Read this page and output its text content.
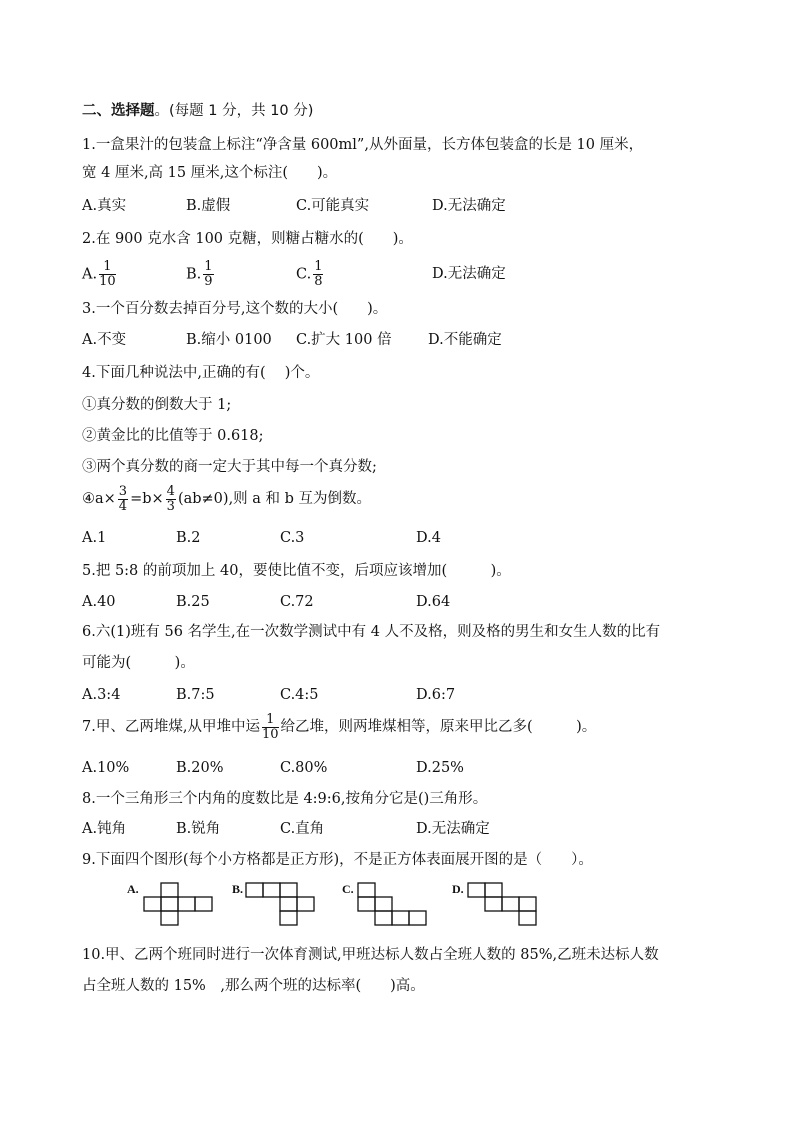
二、选择题。(每题 1 分，共 10 分)
1.一盒果汁的包装盒上标注“净含量 600ml”,从外面量，长方体包装盒的长是 10 厘米，
宽 4 厘米,高 15 厘米,这个标注(　　)。
A.真实	B.虚假	C.可能真实	D.无法确定
2.在 900 克水含 100 克糖，则糖占糖水的(　　)。
A. $\frac{1}{10}$	B. $\frac{1}{9}$	C. $\frac{1}{8}$	D.无法确定
3.一个百分数去掉百分号,这个数的大小(　　)。
A.不变	B.缩小 0100 C.扩大 100 倍	D.不能确定
4.下面几种说法中,正确的有(　 )个。
①真分数的倒数大于 1;
②黄金比的比值等于 0.618;
③两个真分数的商一定大于其中每一个真分数;
④a× $\frac{3}{4} =b\times \frac{4}{3} (ab\ne 0)$,则 a 和 b 互为倒数。
A.1	B.2	C.3	D.4
5.把 5:8 的前项加上 40，要使比值不变，后项应该增加(　　　)。
A.40	B.25	C.72	D.64
6.六(1)班有 56 名学生,在一次数学测试中有 4 人不及格，则及格的男生和女生人数的比有
可能为(　　　)。
A.3:4	B.7:5	C.4:5	D.6:7
7.甲、乙两堆煤,从甲堆中运 $\frac{1}{10}$ 给乙堆，则两堆煤相等，原来甲比乙多(　　　)。
A.10%	B.20%	C.80%	D.25%
8.一个三角形三个内角的度数比是 4:9:6,按角分它是()三角形。
A.钝角	B.锐角	C.直角	D.无法确定
9.下面四个图形(每个小方格都是正方形)，不是正方体表面展开图的是（　　）。
A.	B.	C.	D.
10.甲、乙两个班同时进行一次体育测试,甲班达标人数占全班人数的 85%,乙班未达标人数
占全班人数的 15%　,那么两个班的达标率(　　)高。
